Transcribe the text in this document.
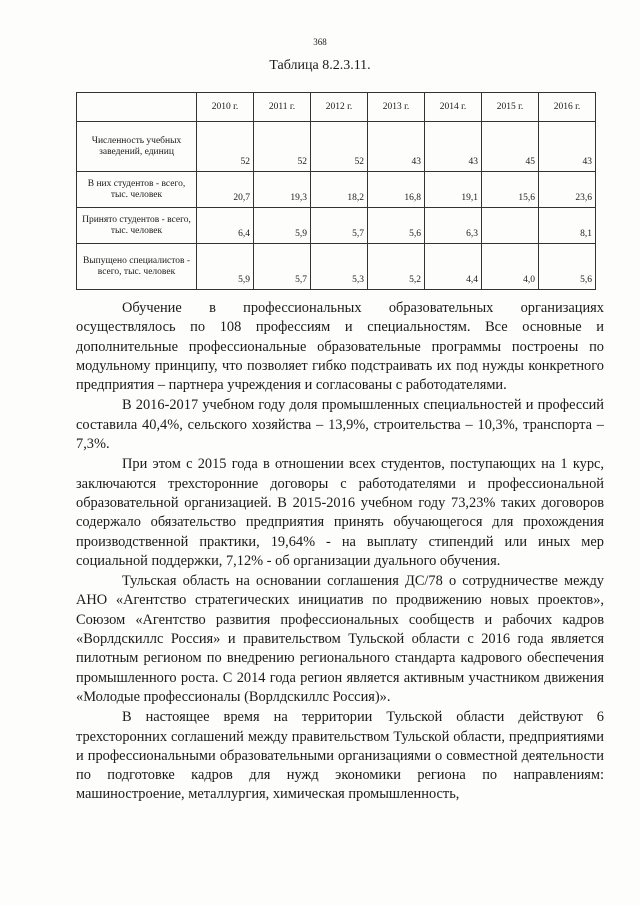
368
Таблица 8.2.3.11.
	2010 г.	2011 г.	2012 г.	2013 г.	2014 г.	2015 г.	2016 г.
Численность учебных заведений, единиц	52	52	52	43	43	45	43
В них студентов - всего, тыс. человек	20,7	19,3	18,2	16,8	19,1	15,6	23,6
Принято студентов - всего, тыс. человек	6,4	5,9	5,7	5,6	6,3		8,1
Выпущено специалистов - всего, тыс. человек	5,9	5,7	5,3	5,2	4,4	4,0	5,6

Обучение в профессиональных образовательных организациях осуществлялось по 108 профессиям и специальностям. Все основные и дополнительные профессиональные образовательные программы построены по модульному принципу, что позволяет гибко подстраивать их под нужды конкретного предприятия – партнера учреждения и согласованы с работодателями.

В 2016-2017 учебном году доля промышленных специальностей и профессий составила 40,4%, сельского хозяйства – 13,9%, строительства – 10,3%, транспорта – 7,3%.

При этом с 2015 года в отношении всех студентов, поступающих на 1 курс, заключаются трехсторонние договоры с работодателями и профессиональной образовательной организацией. В 2015-2016 учебном году 73,23% таких договоров содержало обязательство предприятия принять обучающегося для прохождения производственной практики, 19,64% - на выплату стипендий или иных мер социальной поддержки, 7,12% - об организации дуального обучения.

Тульская область на основании соглашения ДС/78 о сотрудничестве между АНО «Агентство стратегических инициатив по продвижению новых проектов», Союзом «Агентство развития профессиональных сообществ и рабочих кадров «Ворлдскиллс Россия» и правительством Тульской области с 2016 года является пилотным регионом по внедрению регионального стандарта кадрового обеспечения промышленного роста. С 2014 года регион является активным участником движения «Молодые профессионалы (Ворлдскиллс Россия)».

В настоящее время на территории Тульской области действуют 6 трехсторонних соглашений между правительством Тульской области, предприятиями и профессиональными образовательными организациями о совместной деятельности по подготовке кадров для нужд экономики региона по направлениям: машиностроение, металлургия, химическая промышленность,
